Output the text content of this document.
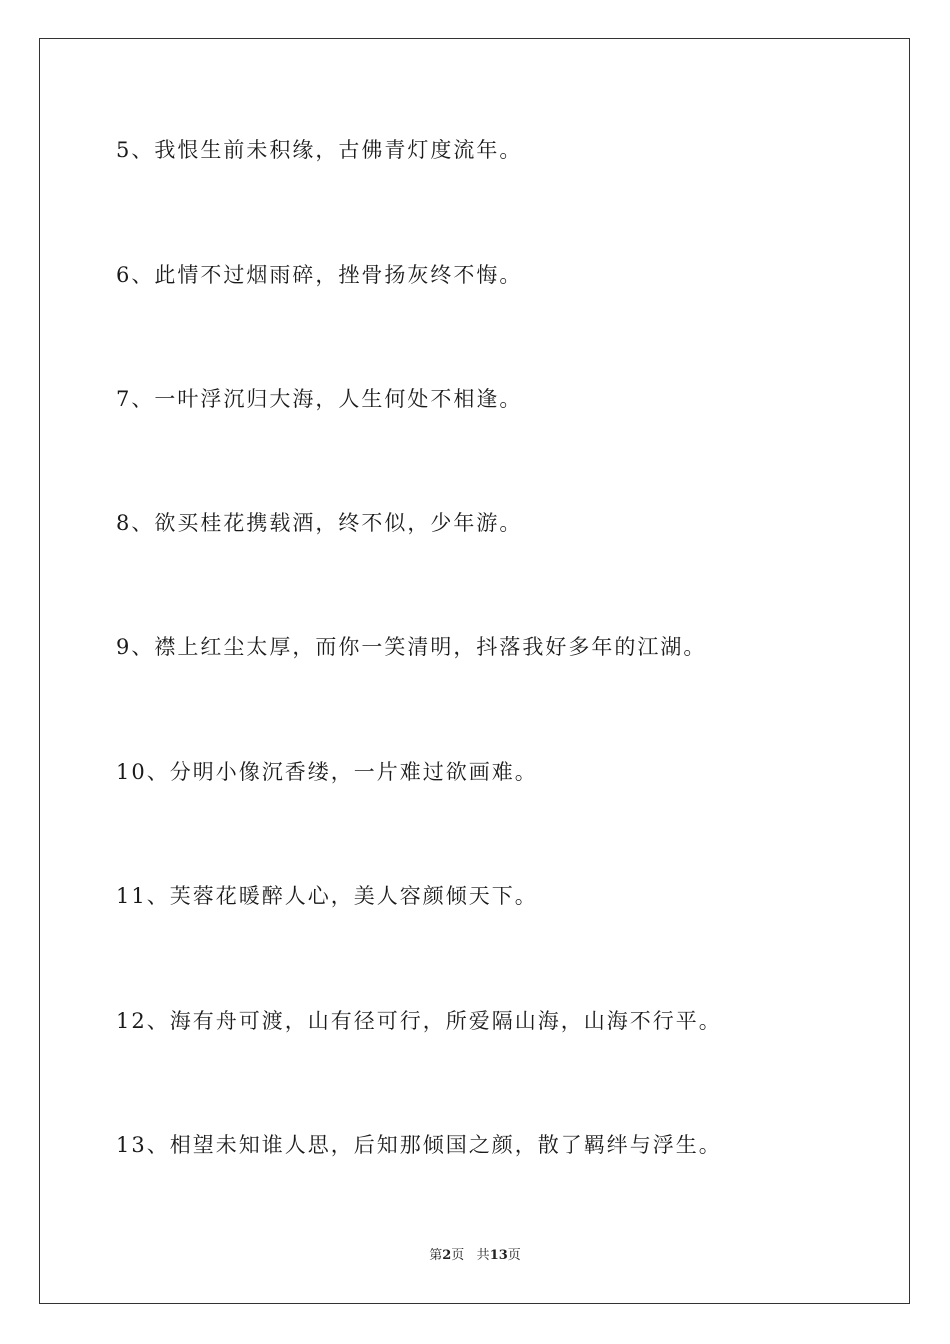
5、我恨生前未积缘，古佛青灯度流年。
6、此情不过烟雨碎，挫骨扬灰终不悔。
7、一叶浮沉归大海，人生何处不相逢。
8、欲买桂花携载酒，终不似，少年游。
9、襟上红尘太厚，而你一笑清明，抖落我好多年的江湖。
10、分明小像沉香缕，一片难过欲画难。
11、芙蓉花暖醉人心，美人容颜倾天下。
12、海有舟可渡，山有径可行，所爱隔山海，山海不行平。
13、相望未知谁人思，后知那倾国之颜，散了羁绊与浮生。
第2页 共13页
